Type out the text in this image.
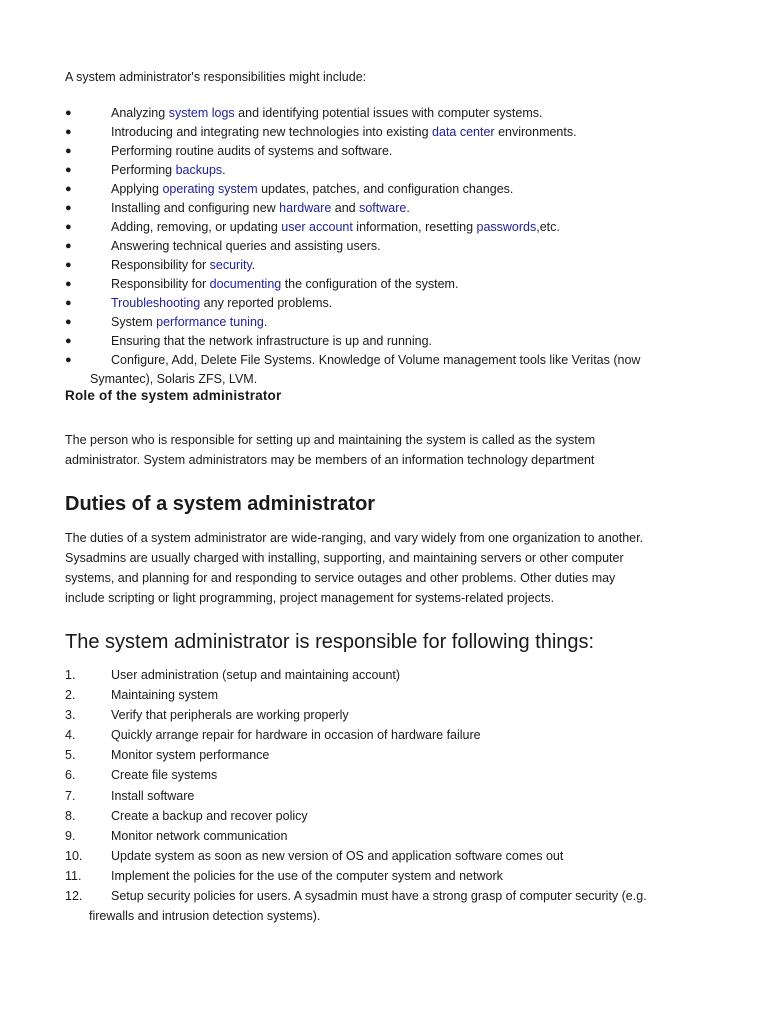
A system administrator's responsibilities might include:

●	Analyzing system logs and identifying potential issues with computer systems.
●	Introducing and integrating new technologies into existing data center environments.
●	Performing routine audits of systems and software.
●	Performing backups.
●	Applying operating system updates, patches, and configuration changes.
●	Installing and configuring new hardware and software.
●	Adding, removing, or updating user account information, resetting passwords,etc.
●	Answering technical queries and assisting users.
●	Responsibility for security.
●	Responsibility for documenting the configuration of the system.
●	Troubleshooting any reported problems.
●	System performance tuning.
●	Ensuring that the network infrastructure is up and running.
●	Configure, Add, Delete File Systems. Knowledge of Volume management tools like Veritas (now
Symantec), Solaris ZFS, LVM.
Role of the system administrator

The person who is responsible for setting up and maintaining the system is called as the system
administrator. System administrators may be members of an information technology department

Duties of a system administrator

The duties of a system administrator are wide-ranging, and vary widely from one organization to another.
Sysadmins are usually charged with installing, supporting, and maintaining servers or other computer
systems, and planning for and responding to service outages and other problems. Other duties may
include scripting or light programming, project management for systems-related projects.

The system administrator is responsible for following things:
1.	User administration (setup and maintaining account)
2.	Maintaining system
3.	Verify that peripherals are working properly
4.	Quickly arrange repair for hardware in occasion of hardware failure
5.	Monitor system performance
6.	Create file systems
7.	Install software
8.	Create a backup and recover policy
9.	Monitor network communication
10. Update system as soon as new version of OS and application software comes out
11. Implement the policies for the use of the computer system and network
12. Setup security policies for users. A sysadmin must have a strong grasp of computer security (e.g.
firewalls and intrusion detection systems).
